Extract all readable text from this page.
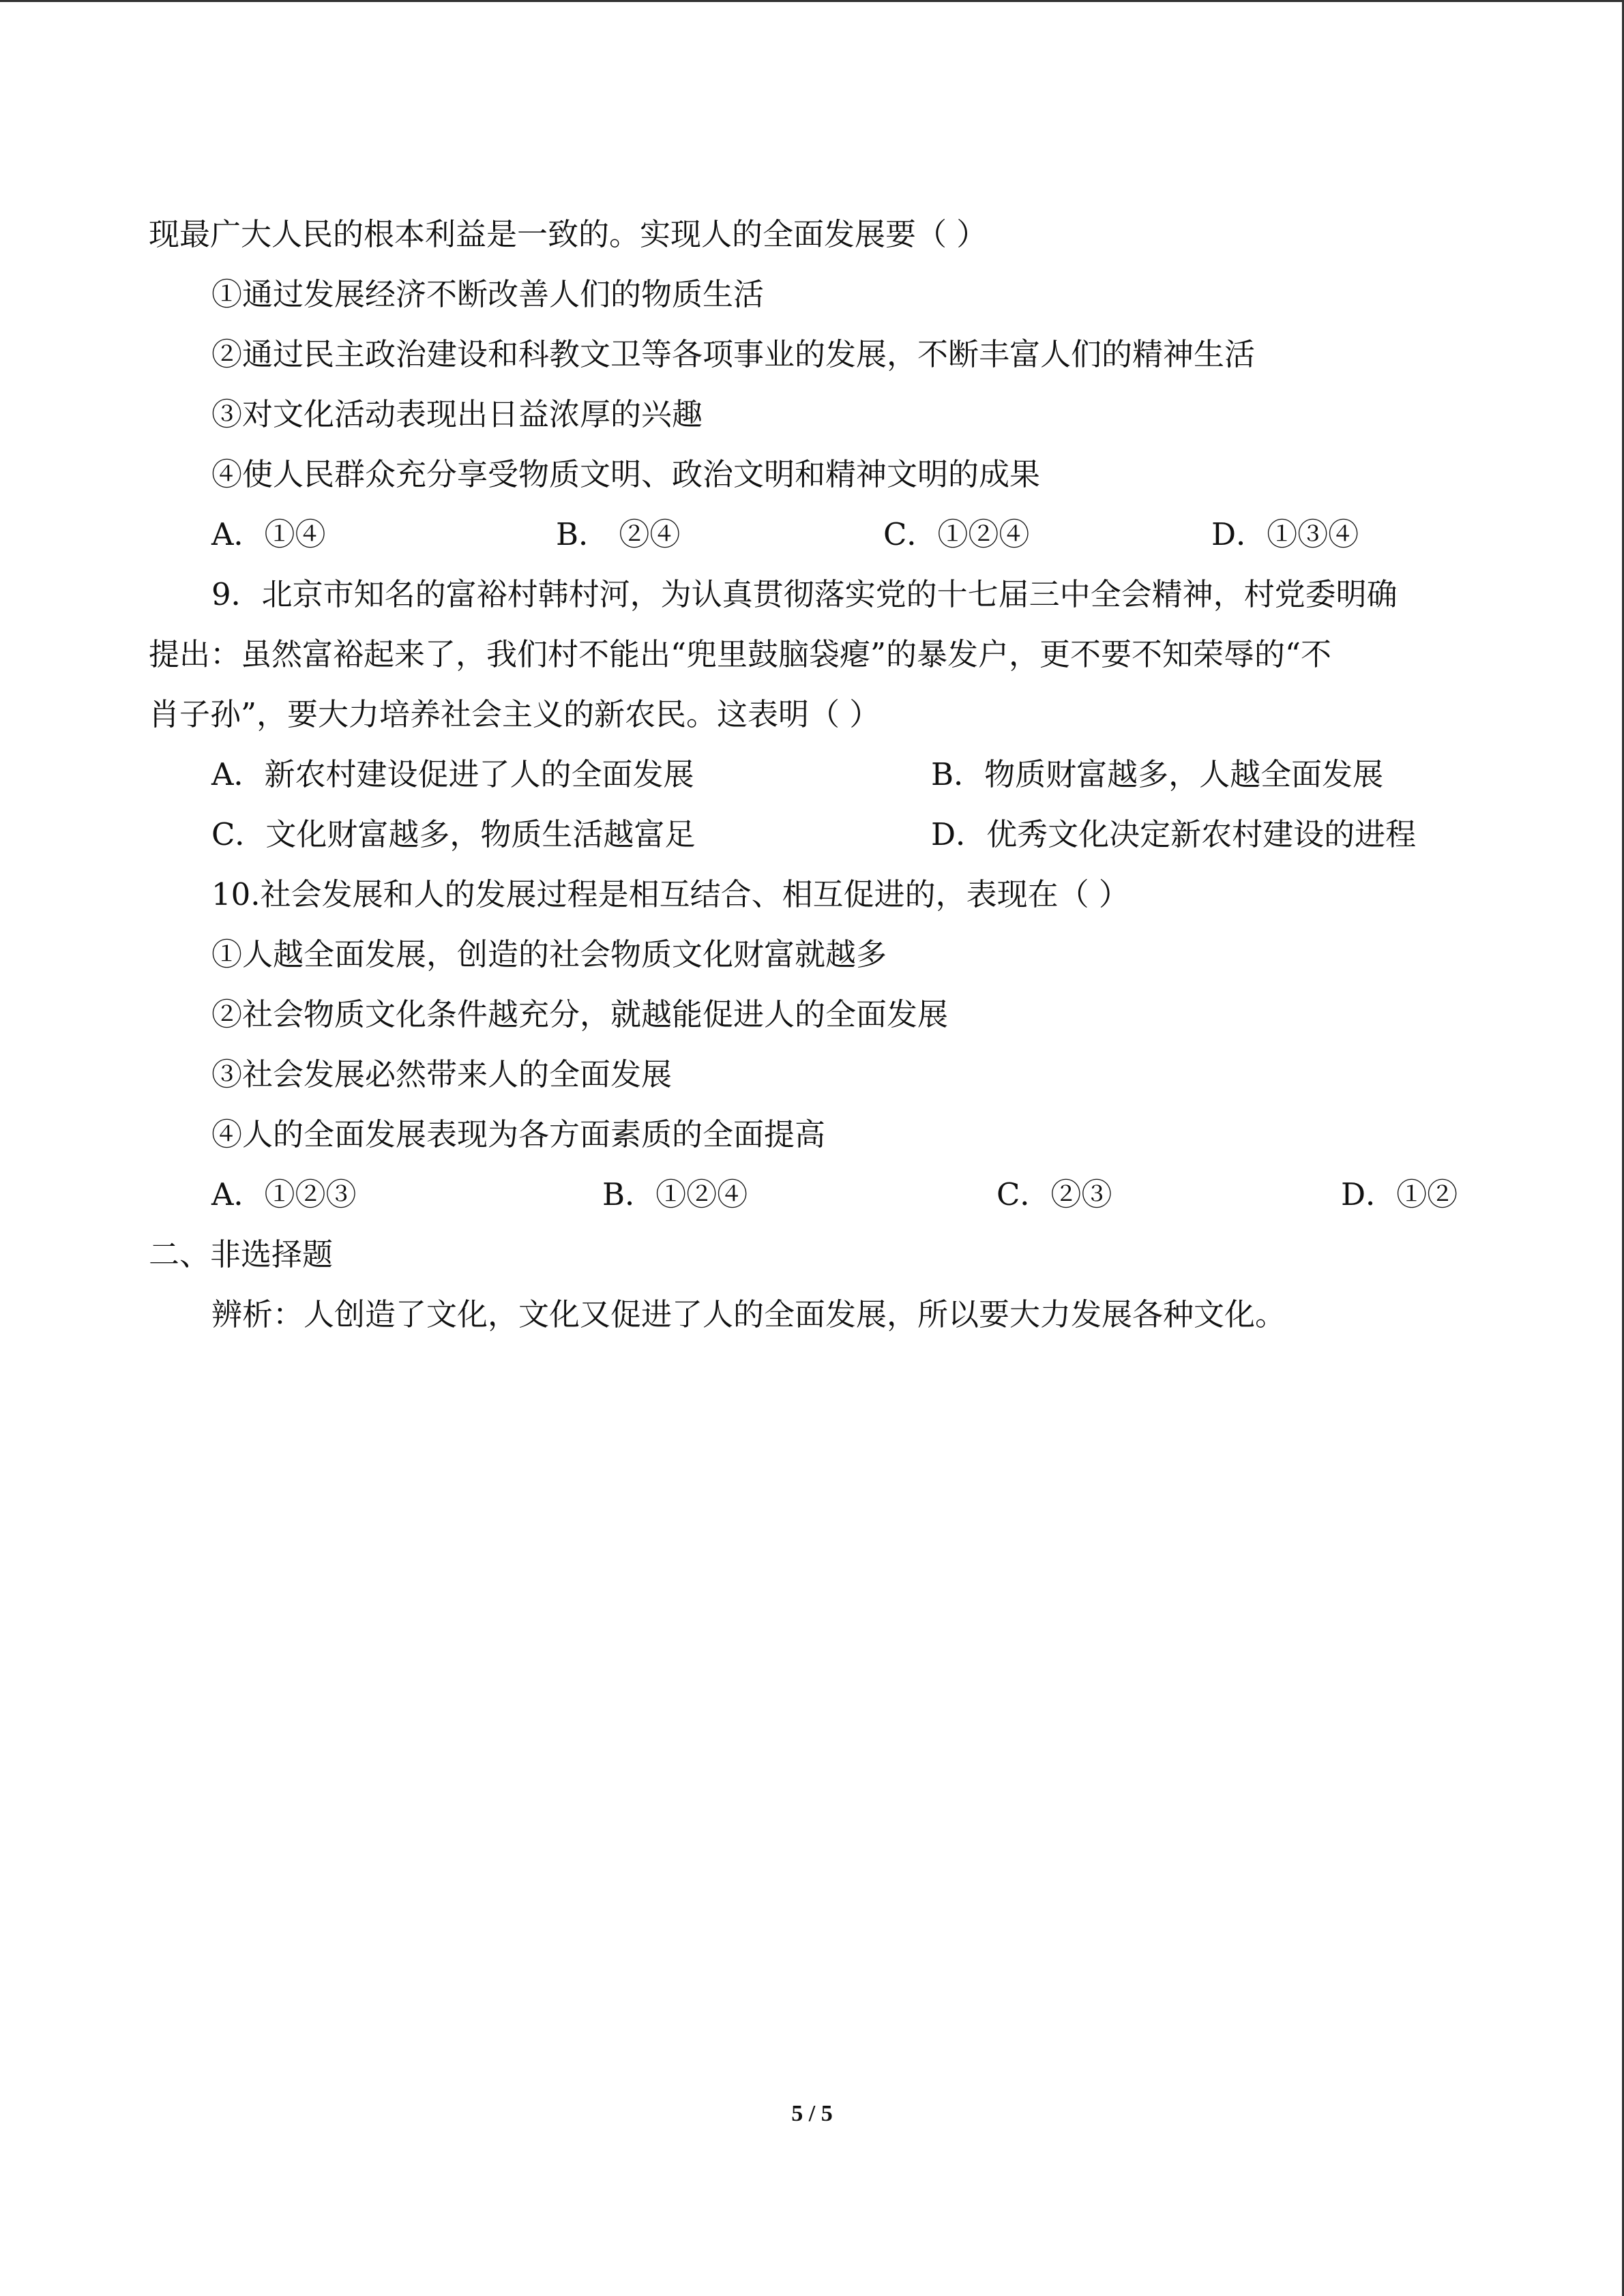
现最广大人民的根本利益是一致的。实现人的全面发展要（ ）
①通过发展经济不断改善人们的物质生活
②通过民主政治建设和科教文卫等各项事业的发展，不断丰富人们的精神生活
③对文化活动表现出日益浓厚的兴趣
④使人民群众充分享受物质文明、政治文明和精神文明的成果
A．①④	B． ②④	C．①②④	D．①③④
9．北京市知名的富裕村韩村河，为认真贯彻落实党的十七届三中全会精神，村党委明确
提出：虽然富裕起来了，我们村不能出“兜里鼓脑袋瘪”的暴发户，更不要不知荣辱的“不
肖子孙”，要大力培养社会主义的新农民。这表明（ ）
A．新农村建设促进了人的全面发展	B．物质财富越多，人越全面发展
C．文化财富越多，物质生活越富足	D．优秀文化决定新农村建设的进程
10.社会发展和人的发展过程是相互结合、相互促进的，表现在（ ）
①人越全面发展，创造的社会物质文化财富就越多
②社会物质文化条件越充分，就越能促进人的全面发展
③社会发展必然带来人的全面发展
④人的全面发展表现为各方面素质的全面提高
A．①②③	B．①②④	C．②③	D．①②
二、非选择题
辨析：人创造了文化，文化又促进了人的全面发展，所以要大力发展各种文化。
5 / 5
